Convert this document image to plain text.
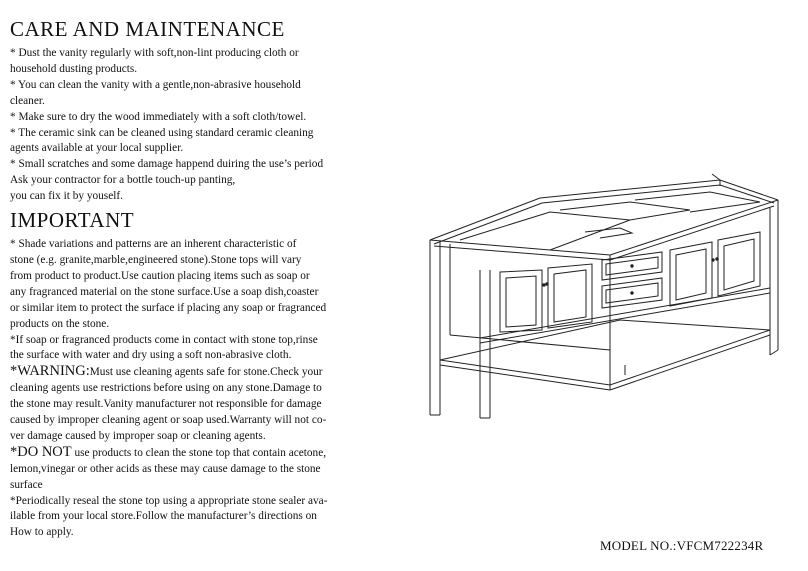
CARE AND MAINTENANCE

* Dust the vanity regularly with soft,non-lint producing cloth or

household dusting products.

* You can clean the vanity with a gentle,non-abrasive household

cleaner.

* Make sure to dry the wood immediately with a soft cloth/towel.

* The ceramic sink can be cleaned using standard ceramic cleaning

agents available at your local supplier.

* Small scratches and some damage happend duiring the use’s period

Ask your contractor for a bottle touch-up panting,

you can fix it by youself.

IMPORTANT

* Shade variations and patterns are an inherent characteristic of

stone (e.g. granite,marble,engineered stone).Stone tops will vary

from product to product.Use caution placing items such as soap or

any fragranced material on the stone surface.Use a soap dish,coaster

or similar item to protect the surface if placing any soap or fragranced

products on the stone.

*If soap or fragranced products come in contact with stone top,rinse

the surface with water and dry using a soft non-abrasive cloth.

*WARNING:Must use cleaning agents safe for stone.Check your

cleaning agents use restrictions before using on any stone.Damage to

the stone may result.Vanity manufacturer not responsible for damage

caused by improper cleaning agent or soap used.Warranty will not co-

ver damage caused by improper soap or cleaning agents.

*DO NOT use products to clean the stone top that contain acetone,

lemon,vinegar or other acids as these may cause damage to the stone

surface

*Periodically reseal the stone top using a appropriate stone sealer ava-

ilable from your local store.Follow the manufacturer’s directions on

How to apply.

MODEL NO.:VFCM722234R
